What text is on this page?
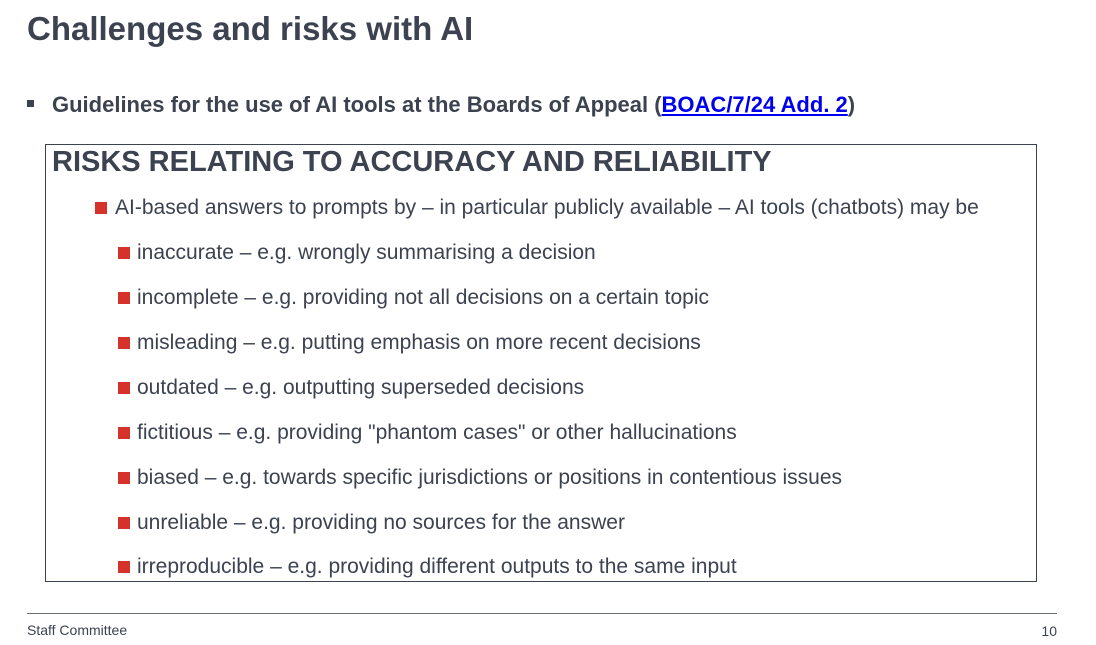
Challenges and risks with AI
Guidelines for the use of AI tools at the Boards of Appeal (BOAC/7/24 Add. 2)
RISKS RELATING TO ACCURACY AND RELIABILITY
AI-based answers to prompts by – in particular publicly available – AI tools (chatbots) may be
inaccurate – e.g. wrongly summarising a decision
incomplete – e.g. providing not all decisions on a certain topic
misleading – e.g. putting emphasis on more recent decisions
outdated – e.g. outputting superseded decisions
fictitious – e.g. providing "phantom cases" or other hallucinations
biased – e.g. towards specific jurisdictions or positions in contentious issues
unreliable – e.g. providing no sources for the answer
irreproducible – e.g. providing different outputs to the same input
Staff Committee	10
